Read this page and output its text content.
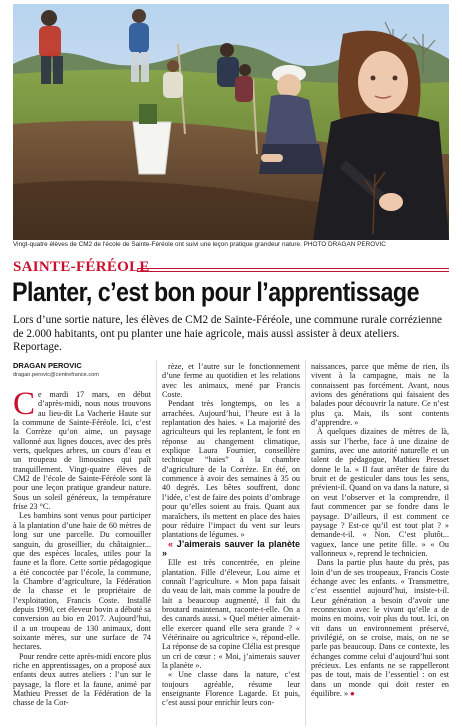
Vingt-quatre élèves de CM2 de l'école de Sainte-Féréole ont suivi une leçon pratique grandeur nature. PHOTO DRAGAN PEROVIC
SAINTE-FÉRÉOLE
Planter, c’est bon pour l’apprentissage
Lors d’une sortie nature, les élèves de CM2 de Sainte-Féréole, une commune rurale corrézienne de 2.000 habitants, ont pu planter une haie agricole, mais aussi assister à deux ateliers. Reportage.
DRAGAN PEROVIC
dragan.perovic@centrefrance.com

Ce mardi 17 mars, en début d’après-midi, nous nous trouvons au lieu-dit La Vacherie Haute sur la commune de Sainte-Féréole. Ici, c’est la Corrèze qu’on aime, un paysage vallonné aux lignes douces, avec des près verts, quelques arbres, un cours d’eau et un troupeau de limousines qui paît tranquillement. Vingt-quatre élèves de CM2 de l’école de Sainte-Féréole sont là pour une leçon pratique grandeur nature. Sous un soleil généreux, la température frise 23 °C.

Les bambins sont venus pour participer à la plantation d’une haie de 60 mètres de long sur une parcelle. Du cornouiller sanguin, du groseillier, du châtaignier... que des espèces locales, utiles pour la faune et la flore. Cette sortie pédagogique a été concoctée par l’école, la commune, la Chambre d’agriculture, la Fédération de la chasse et le propriétaire de l’exploitation, Francis Coste. Installé depuis 1990, cet éleveur bovin a débuté sa conversion au bio en 2017. Aujourd’hui, il a un troupeau de 130 animaux, dont soixante mères, sur une surface de 74 hectares.

Pour rendre cette après-midi encore plus riche en apprentissages, on a proposé aux enfants deux autres ateliers : l’un sur le paysage, la flore et la faune, animé par Mathieu Presset de la Fédération de la chasse de la Cor-

rèze, et l’autre sur le fonctionnement d’une ferme au quotidien et les relations avec les animaux, mené par Francis Coste.

Pendant très longtemps, on les a arrachées. Aujourd’hui, l’heure est à la replantation des haies. « La majorité des agriculteurs qui les replantent, le font en réponse au changement climatique, explique Laura Fournier, conseillère technique “haies” à la chambre d’agriculture de la Corrèze. En été, on commence à avoir des semaines à 35 ou 40 degrés. Les bêtes souffrent, donc l’idée, c’est de faire des points d’ombrage pour qu’elles soient au frais. Quant aux maraîchers, ils mettent en place des haies pour réduire l’impact du vent sur leurs plantations de légumes. »

« J’aimerais sauver la planète »

Elle est très concentrée, en pleine plantation. Fille d’éleveur, Lou aime et connaît l’agriculture. « Mon papa faisait du veau de lait, mais comme la poudre de lait a beaucoup augmenté, il fait du broutard maintenant, raconte-t-elle. On a des canards aussi. » Quel métier aimerait-elle exercer quand elle sera grande ? « Vétérinaire ou agricultrice », répond-elle. La réponse de sa copine Clélia est presque un cri de cœur : « Moi, j’aimerais sauver la planète ».

« Une classe dans la nature, c’est toujours agréable, résume leur enseignante Florence Lagarde. Et puis, c’est aussi pour enrichir leurs con-

naissances, parce que même de rien, ils vivent à la campagne, mais ne la connaissent pas forcément. Avant, nous avions des générations qui faisaient des balades pour découvrir la nature. Ce n’est plus ça. Mais, ils sont contents d’apprendre. »

À quelques dizaines de mètres de là, assis sur l’herbe, face à une dizaine de gamins, avec une autorité naturelle et un talent de pédagogue, Mathieu Presset donne le la. « Il faut arrêter de faire du bruit et de gesticuler dans tous les sens, prévient-il. Quand on va dans la nature, si on veut l’observer et la comprendre, il faut commencer par se fondre dans le paysage. D’ailleurs, il est comment ce paysage ? Est-ce qu’il est tout plat ? » demande-t-il. « Non. C’est plutôt... vaguex, lance une petite fille. » « Ou vallonneux », reprend le technicien.

Dans la partie plus haute du près, pas loin d’un de ses troupeaux, Francis Coste échange avec les enfants. « Transmettre, c’est essentiel aujourd’hui, insiste-t-il. Leur génération a besoin d’avoir une reconnexion avec le vivant qu’elle a de moins en moins, voir plus du tout. Ici, on vit dans un environnement préservé, privilégié, on se croise, mais, on ne se parle pas beaucoup. Dans ce contexte, les échanges comme celui d’aujourd’hui sont précieux. Les enfants ne se rappelleront pas de tout, mais de l’essentiel : on est dans un monde qui doit rester en équilibre. » ●
